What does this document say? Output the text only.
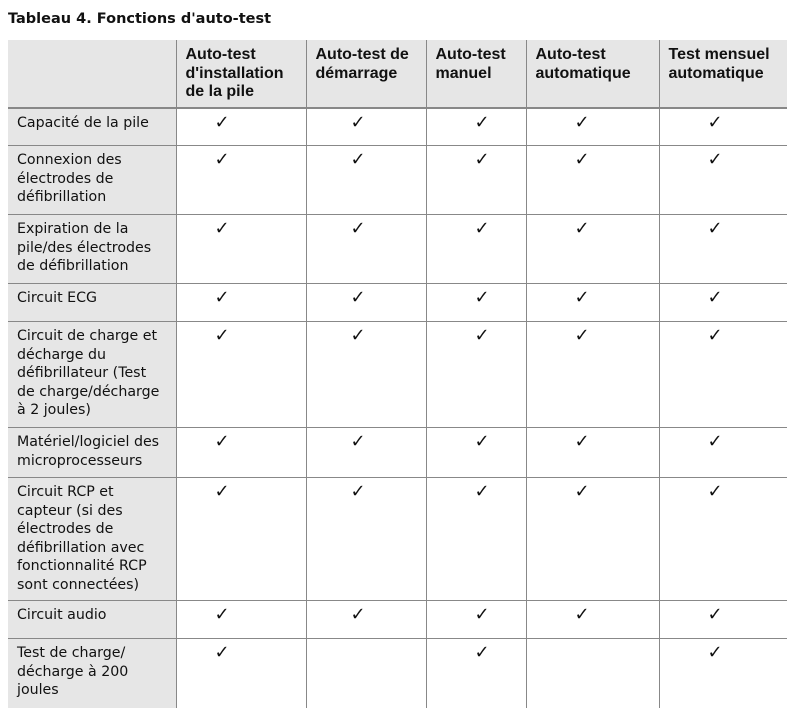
Tableau 4. Fonctions d'auto-test
	Auto-test d'installation de la pile	Auto-test de démarrage	Auto-test manuel	Auto-test automatique	Test mensuel automatique
Capacité de la pile	✓	✓	✓	✓	✓
Connexion des électrodes de défibrillation	✓	✓	✓	✓	✓
Expiration de la pile/des électrodes de défibrillation	✓	✓	✓	✓	✓
Circuit ECG	✓	✓	✓	✓	✓
Circuit de charge et décharge du défibrillateur (Test de charge/décharge à 2 joules)	✓	✓	✓	✓	✓
Matériel/logiciel des microprocesseurs	✓	✓	✓	✓	✓
Circuit RCP et capteur (si des électrodes de défibrillation avec fonctionnalité RCP sont connectées)	✓	✓	✓	✓	✓
Circuit audio	✓	✓	✓	✓	✓
Test de charge/ décharge à 200 joules	✓		✓		✓
